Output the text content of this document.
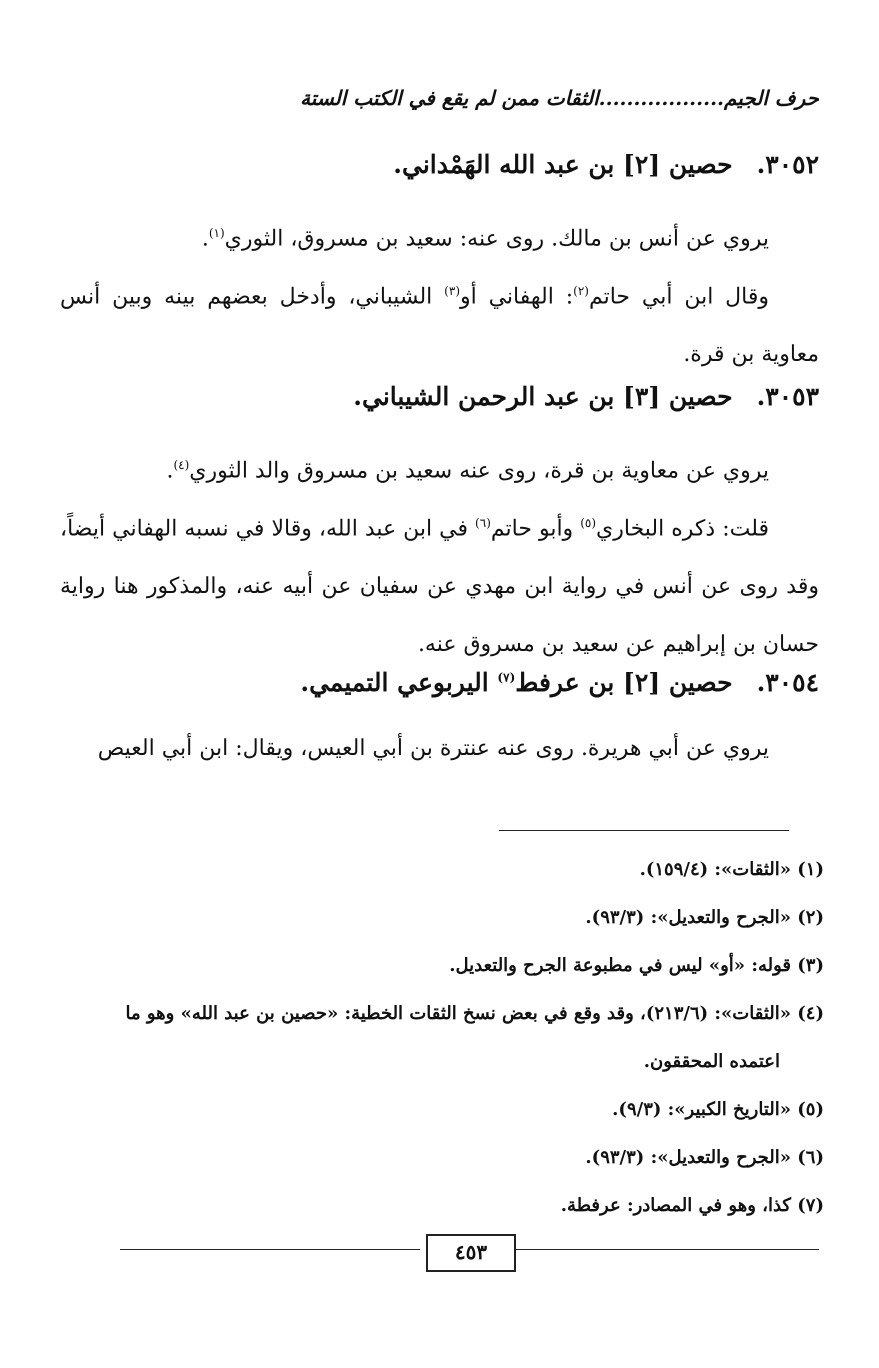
حرف الجيم..................الثقات ممن لم يقع في الكتب الستة
٣٠٥٢.حصين [٢] بن عبد الله الهَمْداني.
يروي عن أنس بن مالك. روى عنه: سعيد بن مسروق، الثوري$^{(١)}$.
وقال ابن أبي حاتم$^{(٢)}$: الهفاني أو$^{(٣)}$ الشيباني، وأدخل بعضهم بينه وبين أنس معاوية بن قرة.
٣٠٥٣.حصين [٣] بن عبد الرحمن الشيباني.
يروي عن معاوية بن قرة، روى عنه سعيد بن مسروق والد الثوري$^{(٤)}$.
قلت: ذكره البخاري$^{(٥)}$ وأبو حاتم$^{(٦)}$ في ابن عبد الله، وقالا في نسبه الهفاني أيضاً، وقد روى عن أنس في رواية ابن مهدي عن سفيان عن أبيه عنه، والمذكور هنا رواية حسان بن إبراهيم عن سعيد بن مسروق عنه.
٣٠٥٤.حصين [٢] بن عرفط$^{(٧)}$ اليربوعي التميمي.
يروي عن أبي هريرة. روى عنه عنترة بن أبي العيس، ويقال: ابن أبي العيص
(١) «الثقات»: (١٥٩/٤).
(٢) «الجرح والتعديل»: (٩٣/٣).
(٣) قوله: «أو» ليس في مطبوعة الجرح والتعديل.
(٤) «الثقات»: (٢١٣/٦)، وقد وقع في بعض نسخ الثقات الخطية: «حصين بن عبد الله» وهو ما
اعتمده المحققون.
(٥) «التاريخ الكبير»: (٩/٣).
(٦) «الجرح والتعديل»: (٩٣/٣).
(٧) كذا، وهو في المصادر: عرفطة.
٤٥٣
